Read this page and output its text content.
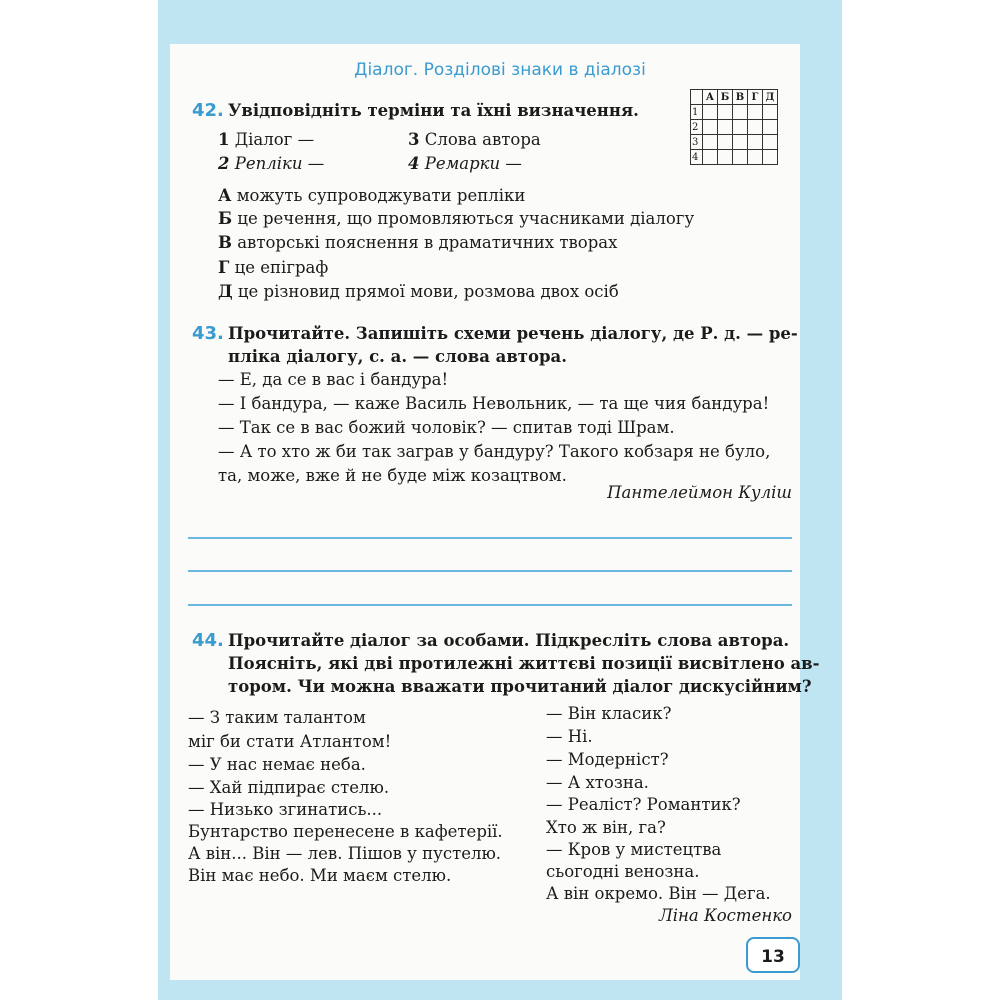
Діалог. Розділові знаки в діалозі
42. Увідповідніть терміни та їхні визначення.
1 Діалог —
2 Репліки —
3 Слова автора
4 Ремарки —
	А	Б	В	Г	Д
1					
2					
3					
4					
А можуть супроводжувати репліки
Б це речення, що промовляються учасниками діалогу
В авторські пояснення в драматичних творах
Г це епіграф
Д це різновид прямої мови, розмова двох осіб
43. Прочитайте. Запишіть схеми речень діалогу, де Р. д. — ре-
пліка діалогу, с. а. — слова автора.
— Е, да се в вас і бандура!
— І бандура, — каже Василь Невольник, — та ще чия бандура!
— Так се в вас божий чоловік? — спитав тоді Шрам.
— А то хто ж би так заграв у бандуру? Такого кобзаря не було,
та, може, вже й не буде між козацтвом.
Пантелеймон Куліш
44. Прочитайте діалог за особами. Підкресліть слова автора.
Поясніть, які дві протилежні життєві позиції висвітлено ав-
тором. Чи можна вважати прочитаний діалог дискусійним?
— З таким талантом
міг би стати Атлантом!
— У нас немає неба.
— Хай підпирає стелю.
— Низько згинатись...
Бунтарство перенесене в кафетерії.
А він... Він — лев. Пішов у пустелю.
Він має небо. Ми маєм стелю.
— Він класик?
— Ні.
— Модерніст?
— А хтозна.
— Реаліст? Романтик?
Хто ж він, га?
— Кров у мистецтва
сьогодні венозна.
А він окремо. Він — Дега.
Ліна Костенко
13
